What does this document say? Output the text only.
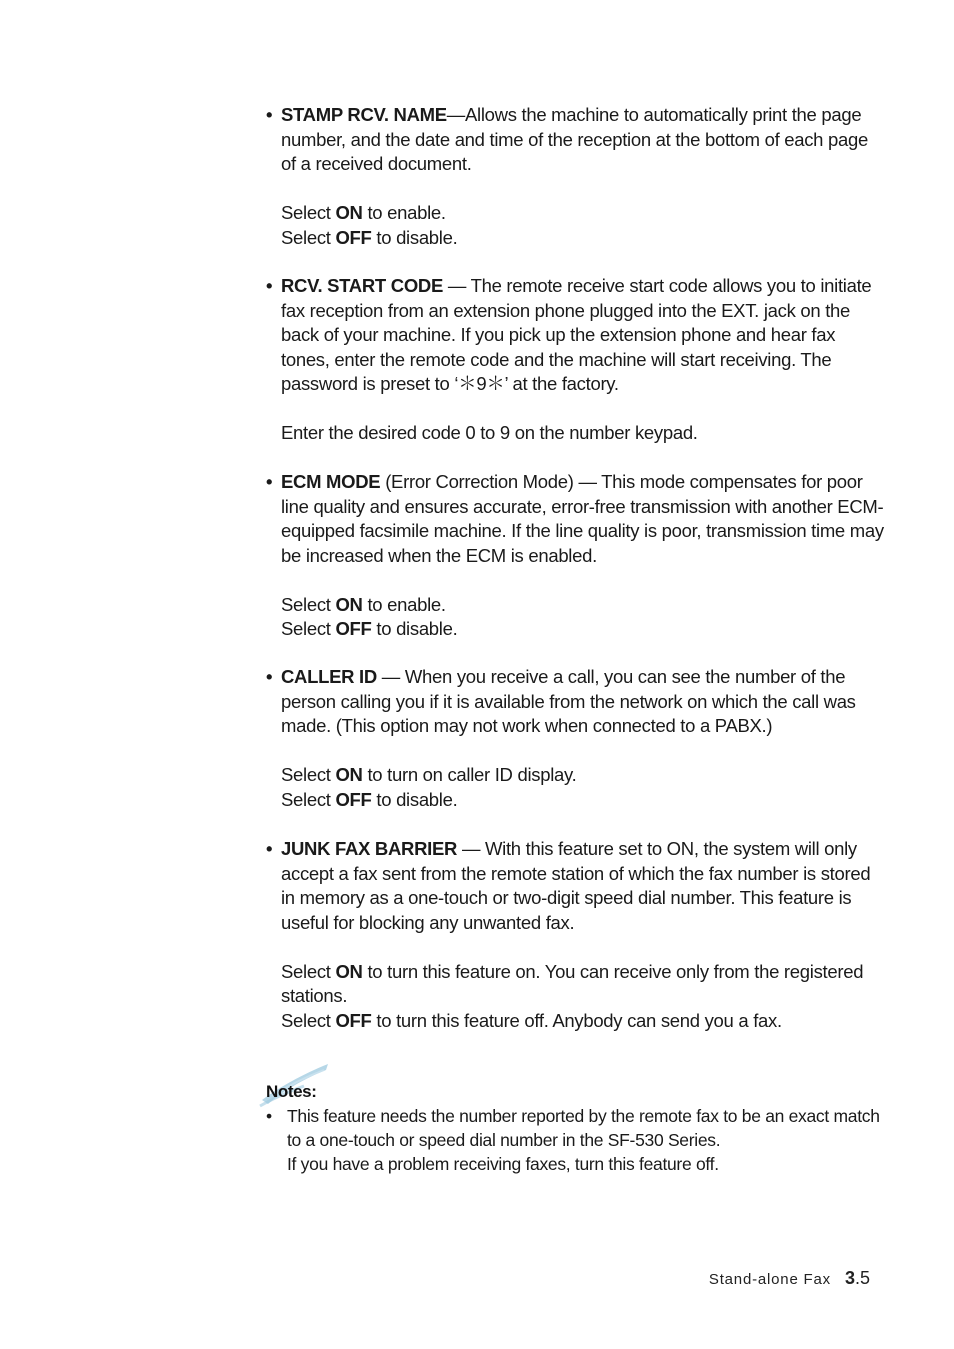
• STAMP RCV. NAME—Allows the machine to automatically print the page number, and the date and time of the reception at the bottom of each page of a received document.

Select ON to enable.

Select OFF to disable.

• RCV. START CODE — The remote receive start code allows you to initiate fax reception from an extension phone plugged into the EXT. jack on the back of your machine. If you pick up the extension phone and hear fax tones, enter the remote code and the machine will start receiving. The password is preset to ‘＊9＊’ at the factory.

Enter the desired code 0 to 9 on the number keypad.

• ECM MODE (Error Correction Mode) — This mode compensates for poor line quality and ensures accurate, error-free transmission with another ECM-equipped facsimile machine. If the line quality is poor, transmission time may be increased when the ECM is enabled.

Select ON to enable.

Select OFF to disable.

• CALLER ID — When you receive a call, you can see the number of the person calling you if it is available from the network on which the call was made. (This option may not work when connected to a PABX.)

Select ON to turn on caller ID display.

Select OFF to disable.

• JUNK FAX BARRIER — With this feature set to ON, the system will only accept a fax sent from the remote station of which the fax number is stored in memory as a one-touch or two-digit speed dial number. This feature is useful for blocking any unwanted fax.

Select ON to turn this feature on. You can receive only from the registered stations.

Select OFF to turn this feature off. Anybody can send you a fax.

Notes:
• This feature needs the number reported by the remote fax to be an exact match to a one-touch or speed dial number in the SF-530 Series.

If you have a problem receiving faxes, turn this feature off.

Stand-alone Fax 3.5
